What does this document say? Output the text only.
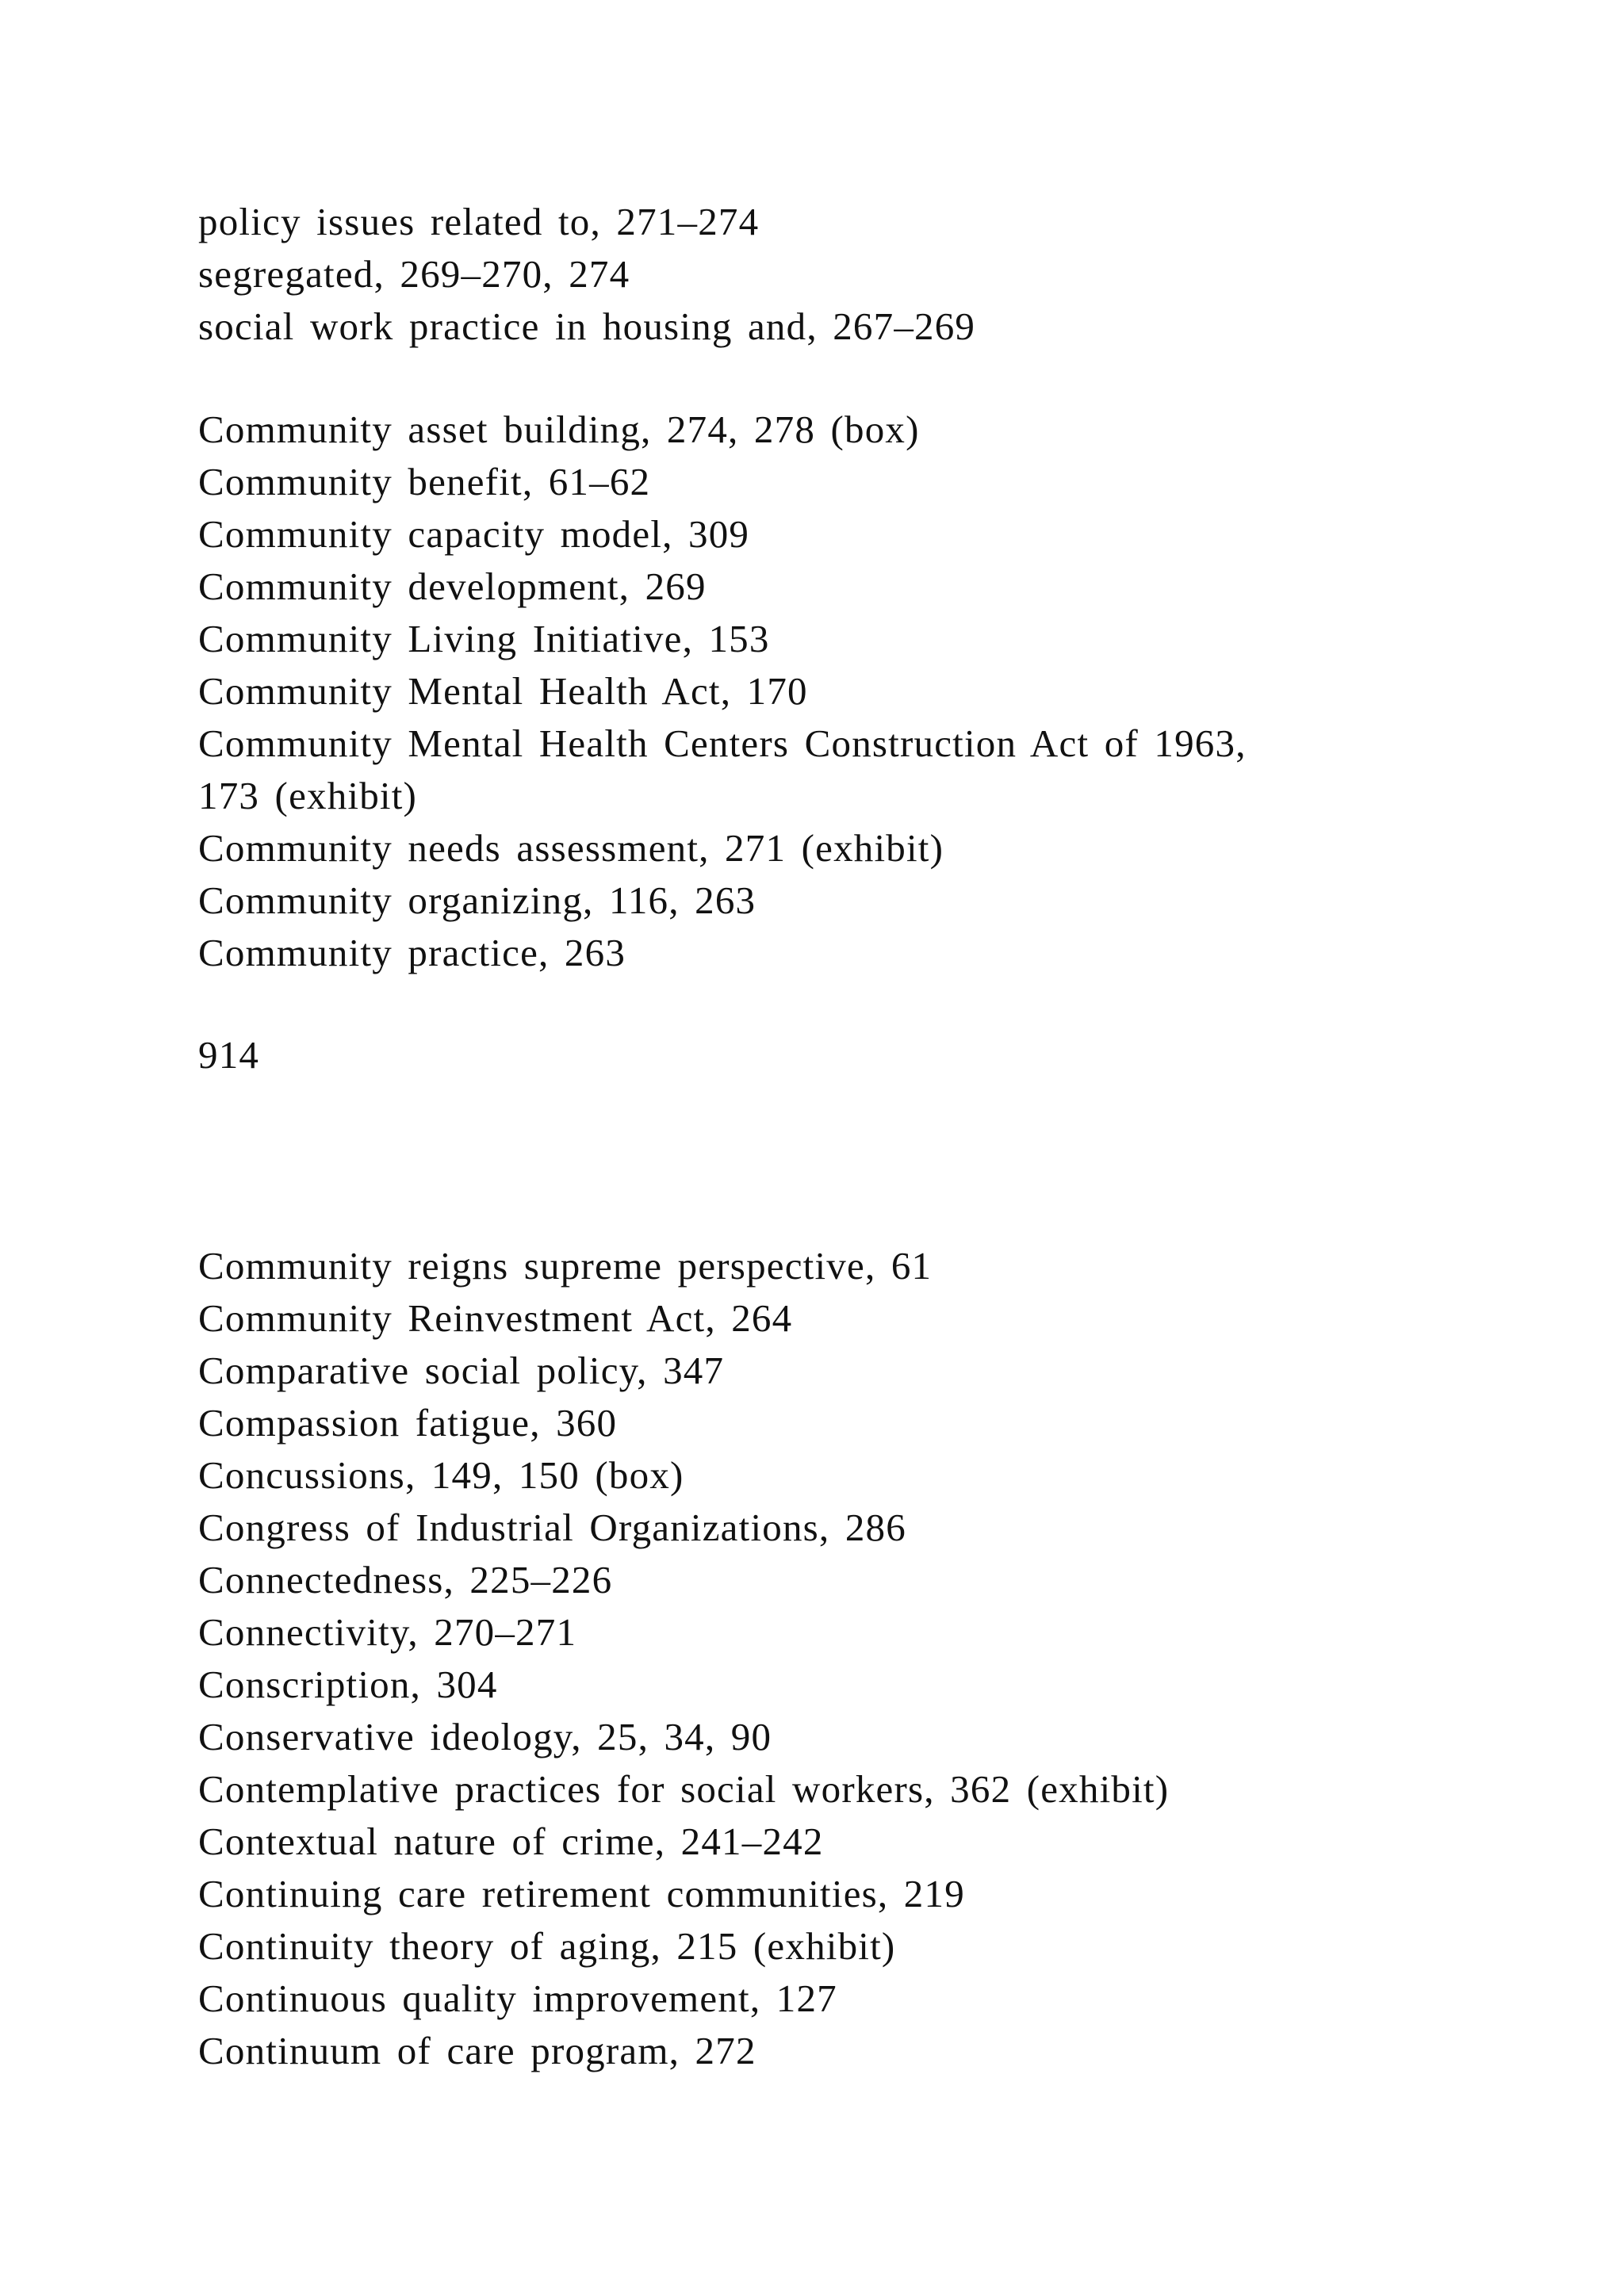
policy issues related to, 271–274
segregated, 269–270, 274
social work practice in housing and, 267–269
Community asset building, 274, 278 (box)
Community benefit, 61–62
Community capacity model, 309
Community development, 269
Community Living Initiative, 153
Community Mental Health Act, 170
Community Mental Health Centers Construction Act of 1963,
173 (exhibit)
Community needs assessment, 271 (exhibit)
Community organizing, 116, 263
Community practice, 263
914
Community reigns supreme perspective, 61
Community Reinvestment Act, 264
Comparative social policy, 347
Compassion fatigue, 360
Concussions, 149, 150 (box)
Congress of Industrial Organizations, 286
Connectedness, 225–226
Connectivity, 270–271
Conscription, 304
Conservative ideology, 25, 34, 90
Contemplative practices for social workers, 362 (exhibit)
Contextual nature of crime, 241–242
Continuing care retirement communities, 219
Continuity theory of aging, 215 (exhibit)
Continuous quality improvement, 127
Continuum of care program, 272
